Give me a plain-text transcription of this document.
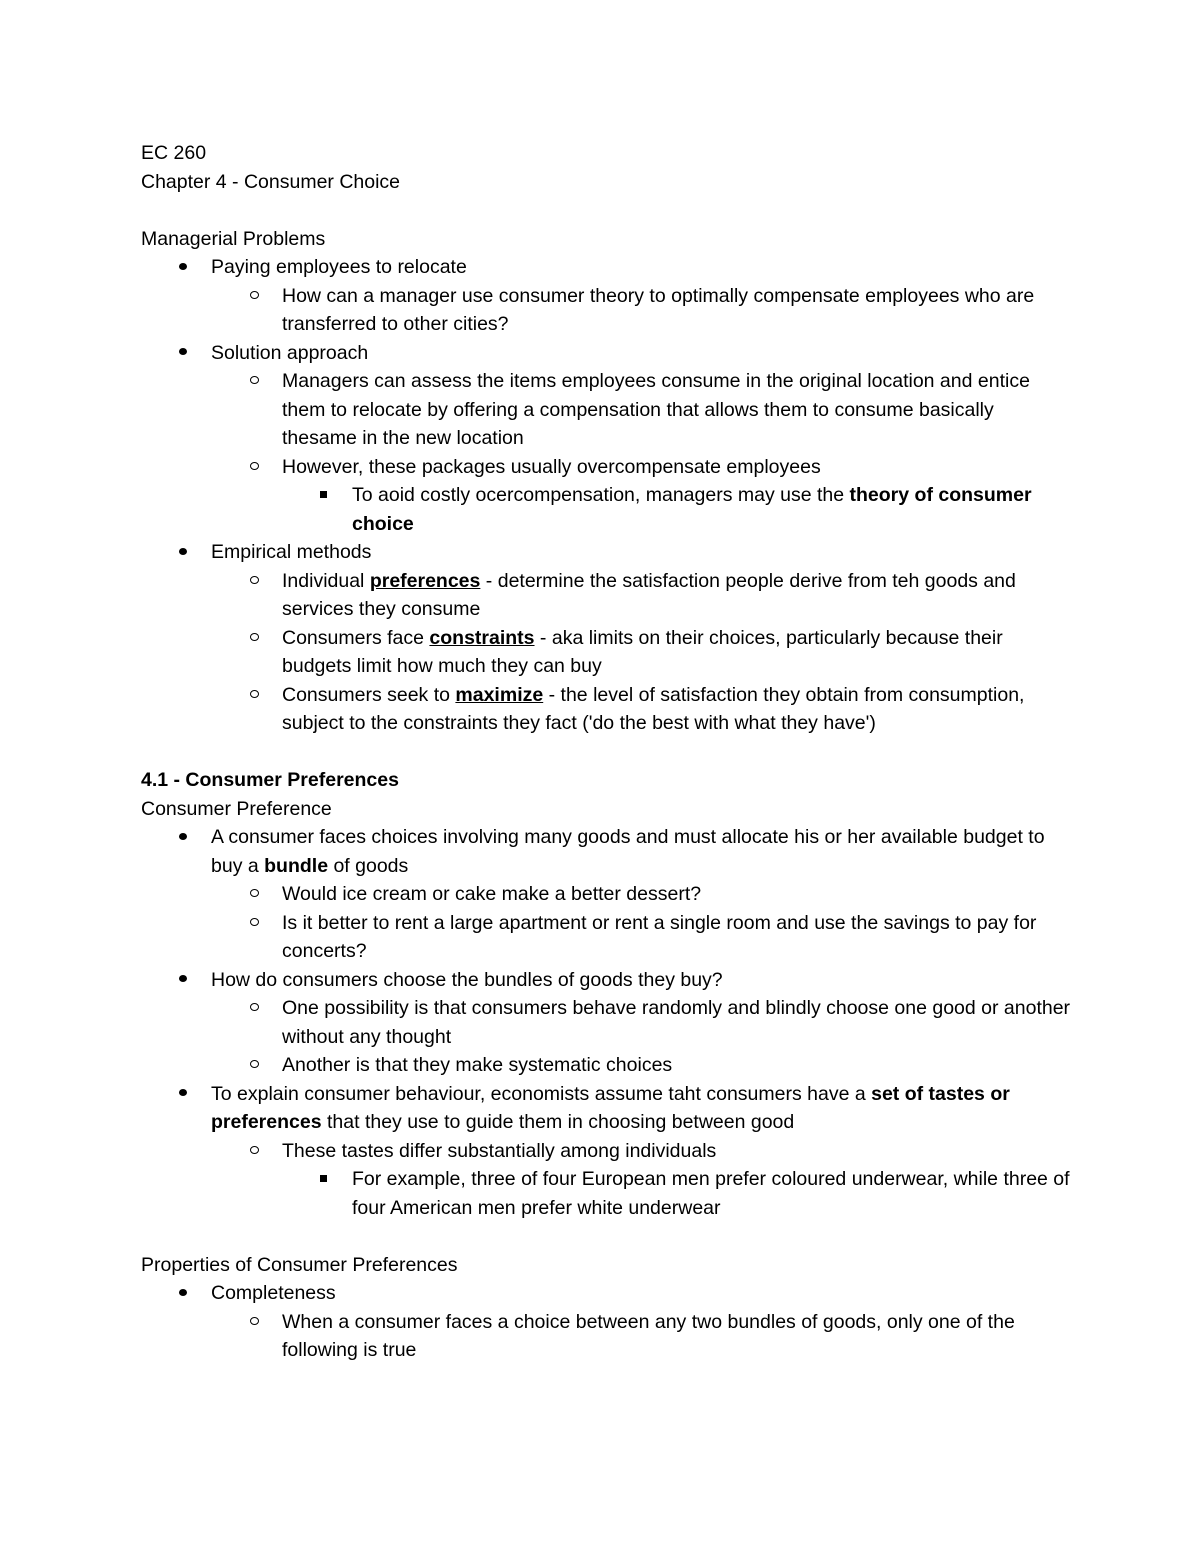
EC 260

Chapter 4 - Consumer Choice

Managerial Problems

Paying employees to relocate
How can a manager use consumer theory to optimally compensate employees who are transferred to other cities?
Solution approach
Managers can assess the items employees consume in the original location and entice them to relocate by offering a compensation that allows them to consume basically thesame in the new location
However, these packages usually overcompensate employees
To aoid costly ocercompensation, managers may use the theory of consumer choice
Empirical methods
Individual preferences - determine the satisfaction people derive from teh goods and services they consume
Consumers face constraints - aka limits on their choices, particularly because their budgets limit how much they can buy
Consumers seek to maximize - the level of satisfaction they obtain from consumption, subject to the constraints they fact ('do the best with what they have')

4.1 - Consumer Preferences

Consumer Preference

A consumer faces choices involving many goods and must allocate his or her available budget to buy a bundle of goods
Would ice cream or cake make a better dessert?
Is it better to rent a large apartment or rent a single room and use the savings to pay for concerts?
How do consumers choose the bundles of goods they buy?
One possibility is that consumers behave randomly and blindly choose one good or another without any thought
Another is that they make systematic choices
To explain consumer behaviour, economists assume taht consumers have a set of tastes or preferences that they use to guide them in choosing between good
These tastes differ substantially among individuals
For example, three of four European men prefer coloured underwear, while three of four American men prefer white underwear

Properties of Consumer Preferences

Completeness
When a consumer faces a choice between any two bundles of goods, only one of the following is true
